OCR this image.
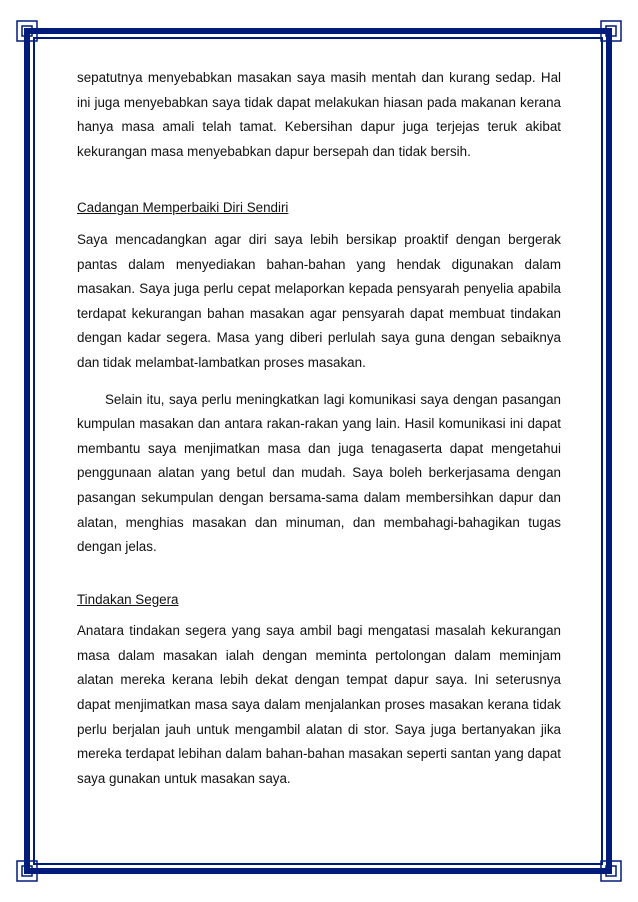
sepatutnya menyebabkan masakan saya masih mentah dan kurang sedap. Hal ini juga menyebabkan saya tidak dapat melakukan hiasan pada makanan kerana hanya masa amali telah tamat. Kebersihan dapur juga terjejas teruk akibat kekurangan masa menyebabkan dapur bersepah dan tidak bersih.

Cadangan Memperbaiki Diri Sendiri

Saya mencadangkan agar diri saya lebih bersikap proaktif dengan bergerak pantas dalam menyediakan bahan-bahan yang hendak digunakan dalam masakan. Saya juga perlu cepat melaporkan kepada pensyarah penyelia apabila terdapat kekurangan bahan masakan agar pensyarah dapat membuat tindakan dengan kadar segera. Masa yang diberi perlulah saya guna dengan sebaiknya dan tidak melambat-lambatkan proses masakan.

Selain itu, saya perlu meningkatkan lagi komunikasi saya dengan pasangan kumpulan masakan dan antara rakan-rakan yang lain. Hasil komunikasi ini dapat membantu saya menjimatkan masa dan juga tenagaserta dapat mengetahui penggunaan alatan yang betul dan mudah. Saya boleh berkerjasama dengan pasangan sekumpulan dengan bersama-sama dalam membersihkan dapur dan alatan, menghias masakan dan minuman, dan membahagi-bahagikan tugas dengan jelas.

Tindakan Segera

Anatara tindakan segera yang saya ambil bagi mengatasi masalah kekurangan masa dalam masakan ialah dengan meminta pertolongan dalam meminjam alatan mereka kerana lebih dekat dengan tempat dapur saya. Ini seterusnya dapat menjimatkan masa saya dalam menjalankan proses masakan kerana tidak perlu berjalan jauh untuk mengambil alatan di stor. Saya juga bertanyakan jika mereka terdapat lebihan dalam bahan-bahan masakan seperti santan yang dapat saya gunakan untuk masakan saya.
